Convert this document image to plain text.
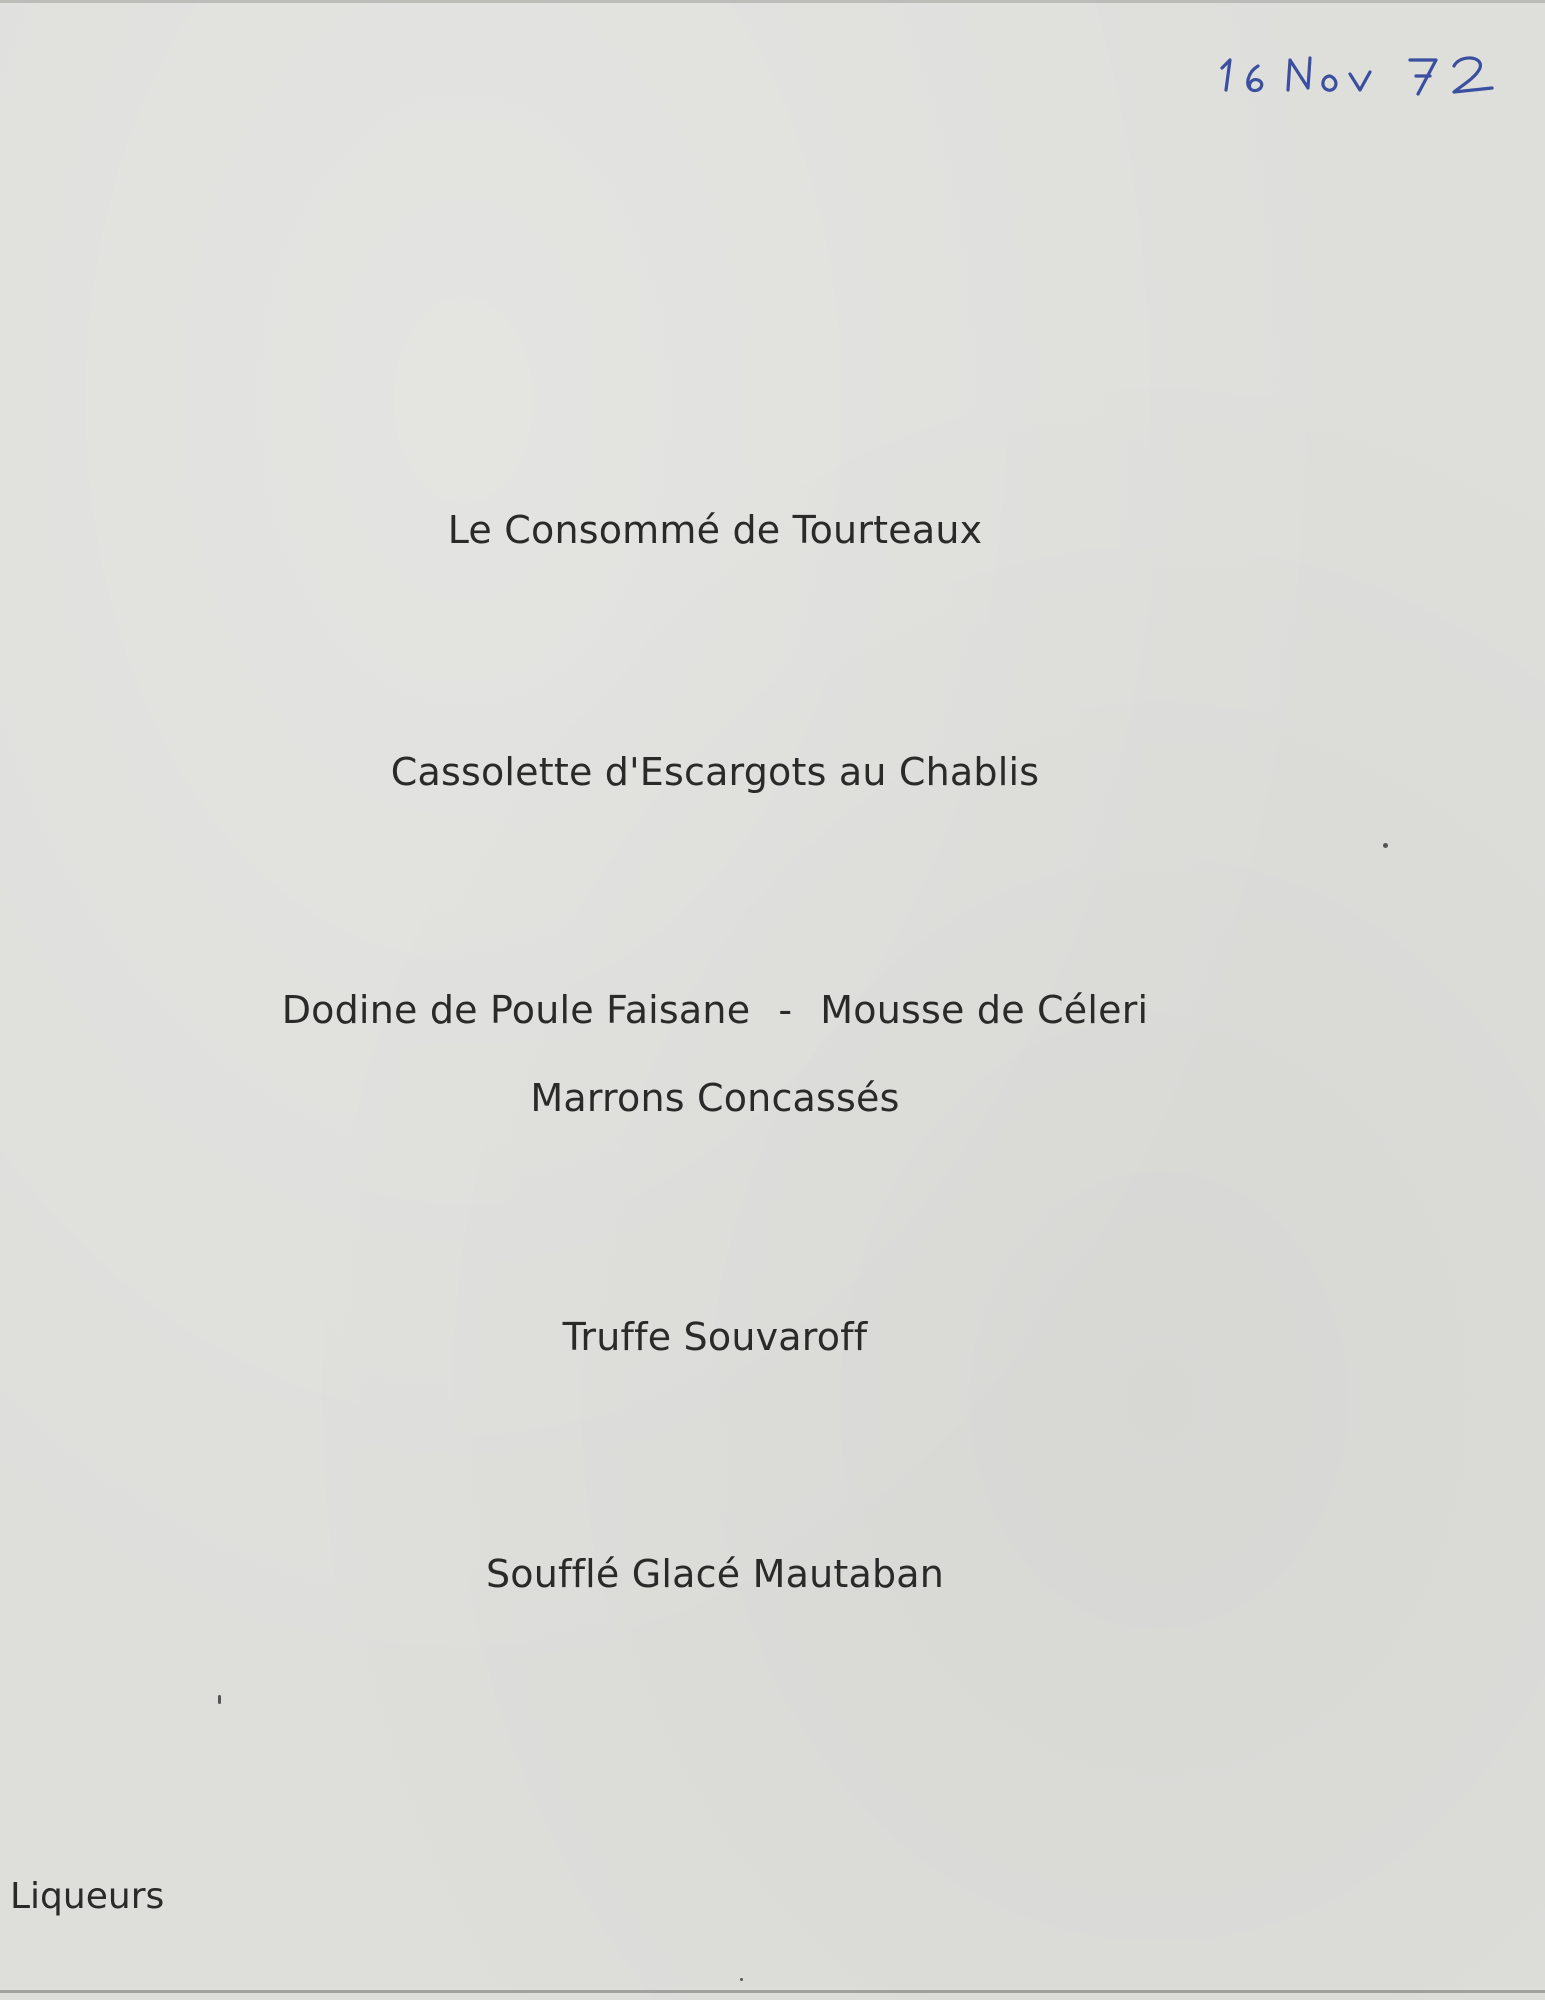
Le Consommé de Tourteaux
Cassolette d'Escargots au Chablis
Dodine de Poule Faisane - Mousse de Céleri
Marrons Concassés
Truffe Souvaroff
Soufflé Glacé Mautaban
Liqueurs
